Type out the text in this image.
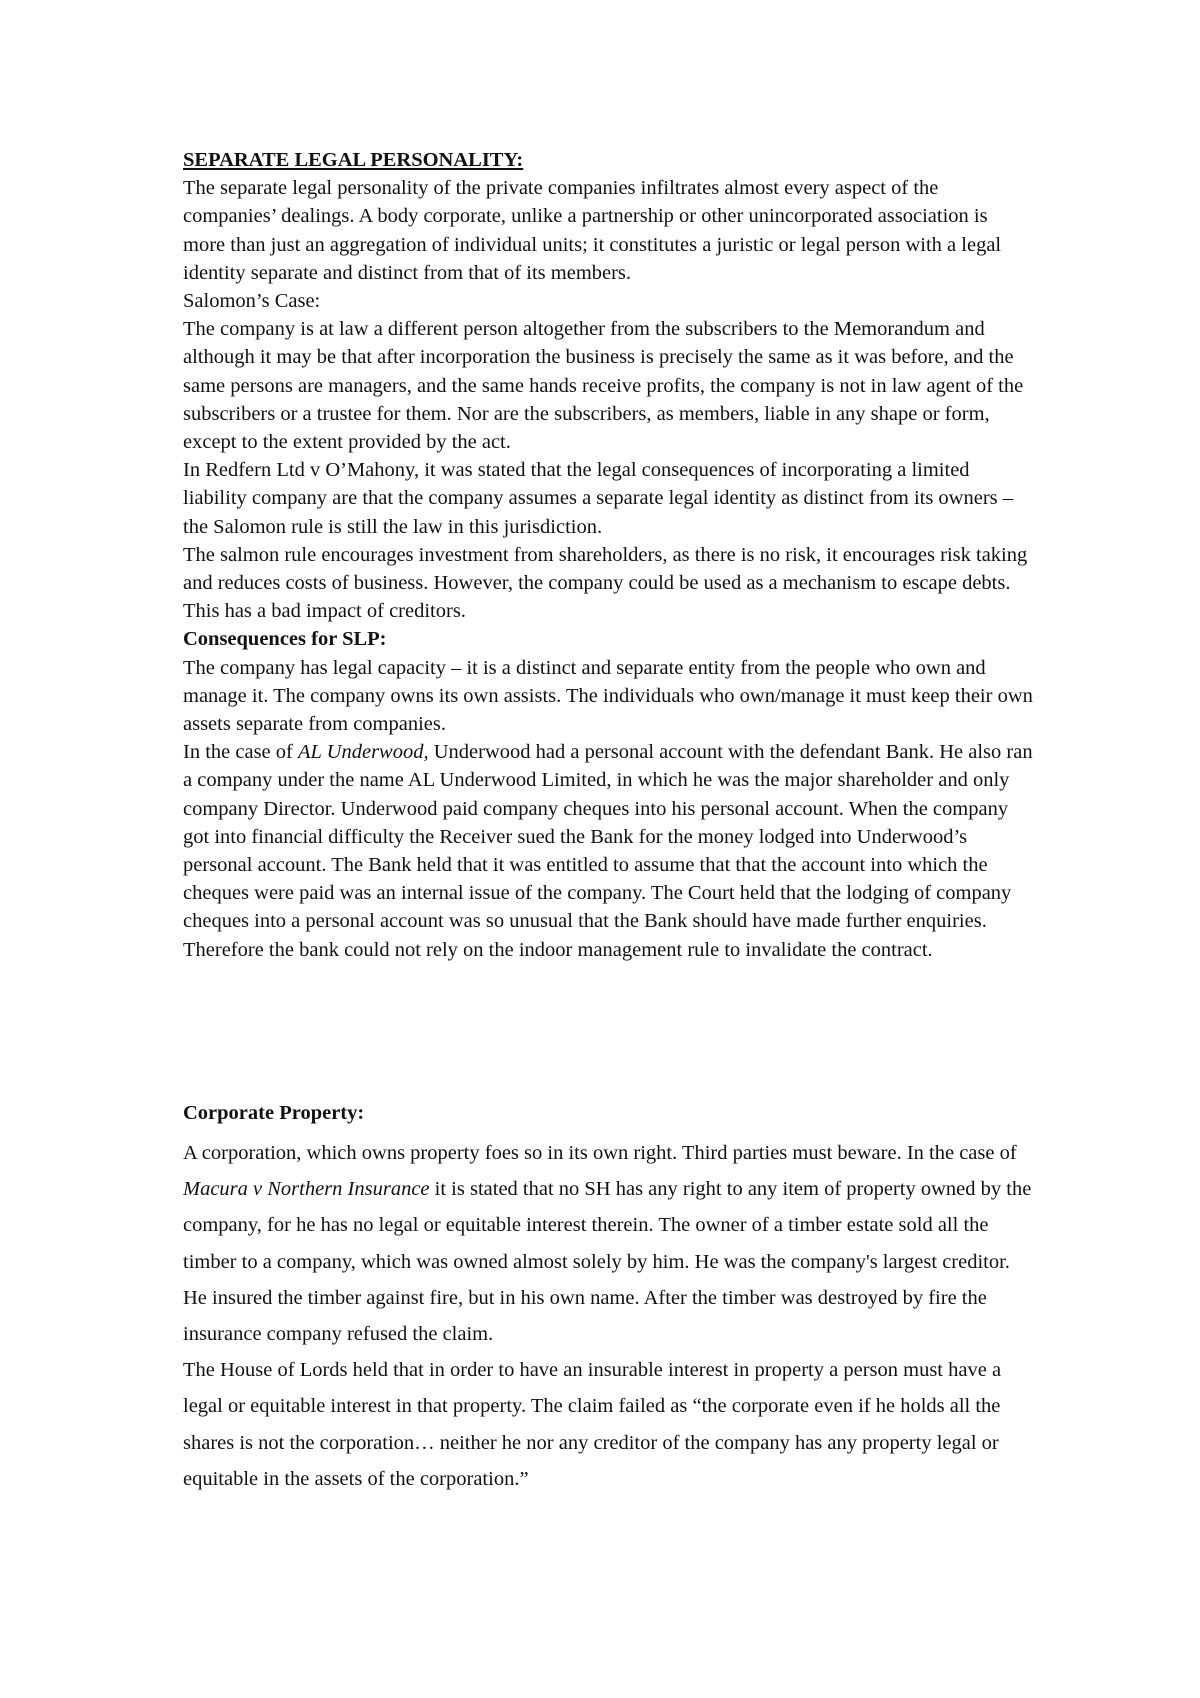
SEPARATE LEGAL PERSONALITY:

The separate legal personality of the private companies infiltrates almost every aspect of the companies’ dealings. A body corporate, unlike a partnership or other unincorporated association is more than just an aggregation of individual units; it constitutes a juristic or legal person with a legal identity separate and distinct from that of its members.

Salomon’s Case:

The company is at law a different person altogether from the subscribers to the Memorandum and although it may be that after incorporation the business is precisely the same as it was before, and the same persons are managers, and the same hands receive profits, the company is not in law agent of the subscribers or a trustee for them. Nor are the subscribers, as members, liable in any shape or form, except to the extent provided by the act.

In Redfern Ltd v O’Mahony, it was stated that the legal consequences of incorporating a limited liability company are that the company assumes a separate legal identity as distinct from its owners – the Salomon rule is still the law in this jurisdiction.

The salmon rule encourages investment from shareholders, as there is no risk, it encourages risk taking and reduces costs of business. However, the company could be used as a mechanism to escape debts. This has a bad impact of creditors.

Consequences for SLP:

The company has legal capacity – it is a distinct and separate entity from the people who own and manage it. The company owns its own assists. The individuals who own/manage it must keep their own assets separate from companies.

In the case of AL Underwood, Underwood had a personal account with the defendant Bank. He also ran a company under the name AL Underwood Limited, in which he was the major shareholder and only company Director. Underwood paid company cheques into his personal account. When the company got into financial difficulty the Receiver sued the Bank for the money lodged into Underwood’s personal account. The Bank held that it was entitled to assume that that the account into which the cheques were paid was an internal issue of the company. The Court held that the lodging of company cheques into a personal account was so unusual that the Bank should have made further enquiries. Therefore the bank could not rely on the indoor management rule to invalidate the contract.

Corporate Property:

A corporation, which owns property foes so in its own right. Third parties must beware. In the case of Macura v Northern Insurance it is stated that no SH has any right to any item of property owned by the company, for he has no legal or equitable interest therein. The owner of a timber estate sold all the timber to a company, which was owned almost solely by him. He was the company's largest creditor. He insured the timber against fire, but in his own name. After the timber was destroyed by fire the insurance company refused the claim.

The House of Lords held that in order to have an insurable interest in property a person must have a legal or equitable interest in that property. The claim failed as “the corporate even if he holds all the shares is not the corporation… neither he nor any creditor of the company has any property legal or equitable in the assets of the corporation.”
